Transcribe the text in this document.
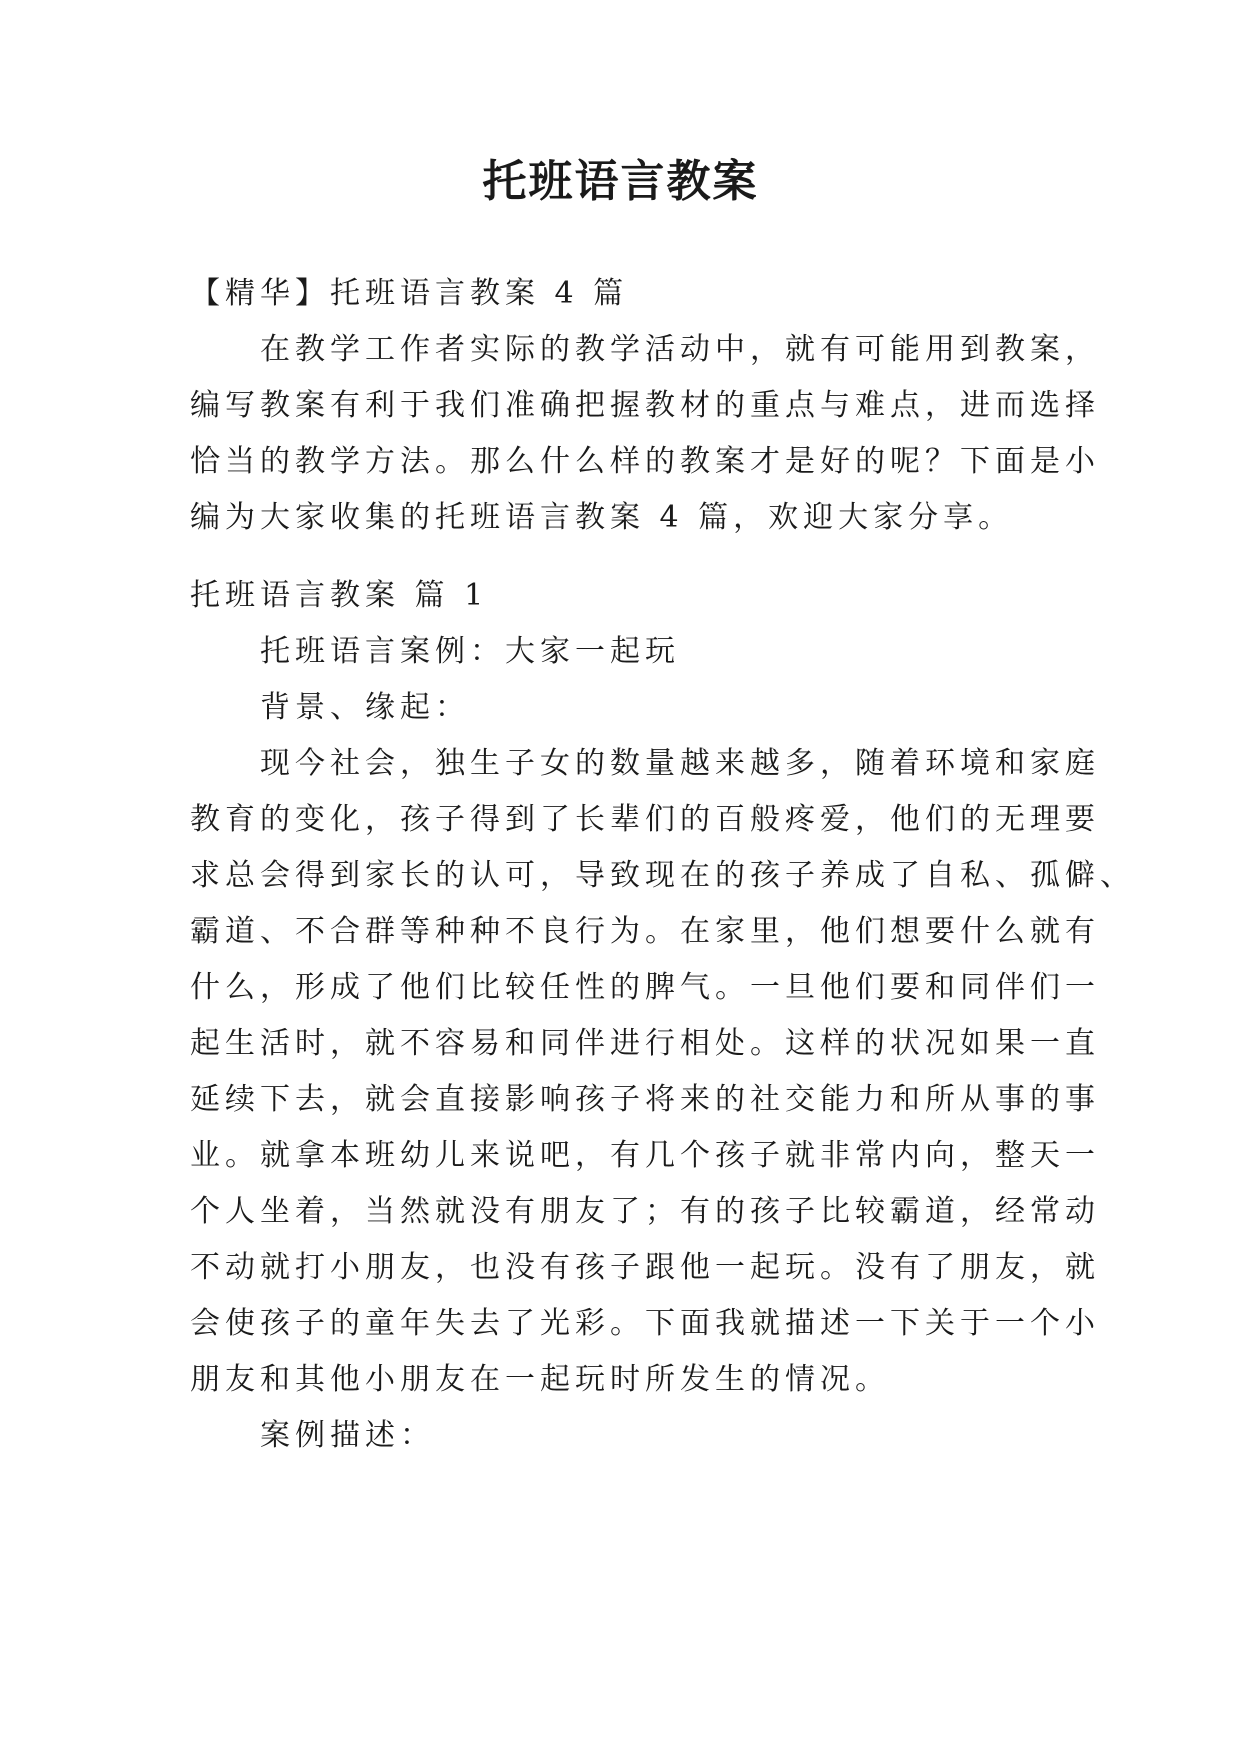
托班语言教案
【精华】托班语言教案 4 篇
在教学工作者实际的教学活动中，就有可能用到教案，
编写教案有利于我们准确把握教材的重点与难点，进而选择
恰当的教学方法。那么什么样的教案才是好的呢？下面是小
编为大家收集的托班语言教案 4 篇，欢迎大家分享。
托班语言教案 篇 1
托班语言案例：大家一起玩
背景、缘起：
现今社会，独生子女的数量越来越多，随着环境和家庭
教育的变化，孩子得到了长辈们的百般疼爱，他们的无理要
求总会得到家长的认可，导致现在的孩子养成了自私、孤僻、
霸道、不合群等种种不良行为。在家里，他们想要什么就有
什么，形成了他们比较任性的脾气。一旦他们要和同伴们一
起生活时，就不容易和同伴进行相处。这样的状况如果一直
延续下去，就会直接影响孩子将来的社交能力和所从事的事
业。就拿本班幼儿来说吧，有几个孩子就非常内向，整天一
个人坐着，当然就没有朋友了；有的孩子比较霸道，经常动
不动就打小朋友，也没有孩子跟他一起玩。没有了朋友，就
会使孩子的童年失去了光彩。下面我就描述一下关于一个小
朋友和其他小朋友在一起玩时所发生的情况。
案例描述：
